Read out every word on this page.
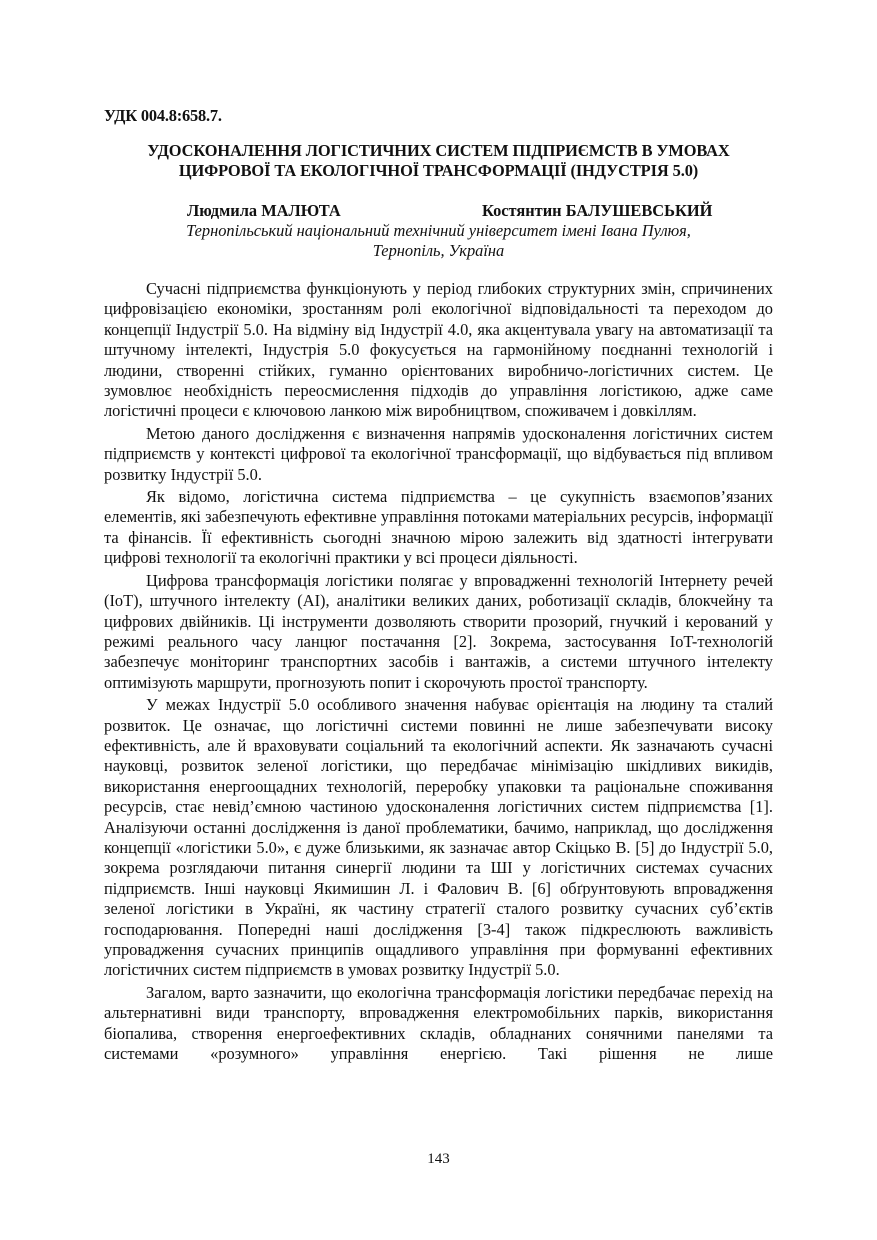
УДК 004.8:658.7.
УДОСКОНАЛЕННЯ ЛОГІСТИЧНИХ СИСТЕМ ПІДПРИЄМСТВ В УМОВАХ
ЦИФРОВОЇ ТА ЕКОЛОГІЧНОЇ ТРАНСФОРМАЦІЇ (ІНДУСТРІЯ 5.0)
Людмила МАЛЮТА	Костянтин БАЛУШЕВСЬКИЙ
Тернопільський національний технічний університет імені Івана Пулюя,
Тернопіль, Україна

Сучасні підприємства функціонують у період глибоких структурних змін, спричинених цифровізацією економіки, зростанням ролі екологічної відповідальності та переходом до концепції Індустрії 5.0. На відміну від Індустрії 4.0, яка акцентувала увагу на автоматизації та штучному інтелекті, Індустрія 5.0 фокусується на гармонійному поєднанні технологій і людини, створенні стійких, гуманно орієнтованих виробничо-логістичних систем. Це зумовлює необхідність переосмислення підходів до управління логістикою, адже саме логістичні процеси є ключовою ланкою між виробництвом, споживачем і довкіллям.

Метою даного дослідження є визначення напрямів удосконалення логістичних систем підприємств у контексті цифрової та екологічної трансформації, що відбувається під впливом розвитку Індустрії 5.0.

Як відомо, логістична система підприємства – це сукупність взаємопов’язаних елементів, які забезпечують ефективне управління потоками матеріальних ресурсів, інформації та фінансів. Її ефективність сьогодні значною мірою залежить від здатності інтегрувати цифрові технології та екологічні практики у всі процеси діяльності.

Цифрова трансформація логістики полягає у впровадженні технологій Інтернету речей (IoT), штучного інтелекту (AI), аналітики великих даних, роботизації складів, блокчейну та цифрових двійників. Ці інструменти дозволяють створити прозорий, гнучкий і керований у режимі реального часу ланцюг постачання [2]. Зокрема, застосування IoT-технологій забезпечує моніторинг транспортних засобів і вантажів, а системи штучного інтелекту оптимізують маршрути, прогнозують попит і скорочують простої транспорту.

У межах Індустрії 5.0 особливого значення набуває орієнтація на людину та сталий розвиток. Це означає, що логістичні системи повинні не лише забезпечувати високу ефективність, але й враховувати соціальний та екологічний аспекти. Як зазначають сучасні науковці, розвиток зеленої логістики, що передбачає мінімізацію шкідливих викидів, використання енергоощадних технологій, переробку упаковки та раціональне споживання ресурсів, стає невід’ємною частиною удосконалення логістичних систем підприємства [1]. Аналізуючи останні дослідження із даної проблематики, бачимо, наприклад, що дослідження концепції «логістики 5.0», є дуже близькими, як зазначає автор Скіцько В. [5] до Індустрії 5.0, зокрема розглядаючи питання синергії людини та ШІ у логістичних системах сучасних підприємств. Інші науковці Якимишин Л. і Фалович В. [6] обґрунтовують впровадження зеленої логістики в Україні, як частину стратегії сталого розвитку сучасних суб’єктів господарювання. Попередні наші дослідження [3-4] також підкреслюють важливість упровадження сучасних принципів ощадливого управління при формуванні ефективних логістичних систем підприємств в умовах розвитку Індустрії 5.0.

Загалом, варто зазначити, що екологічна трансформація логістики передбачає перехід на альтернативні види транспорту, впровадження електромобільних парків, використання біопалива, створення енергоефективних складів, обладнаних сонячними панелями та системами «розумного» управління енергією. Такі рішення не лише

143
